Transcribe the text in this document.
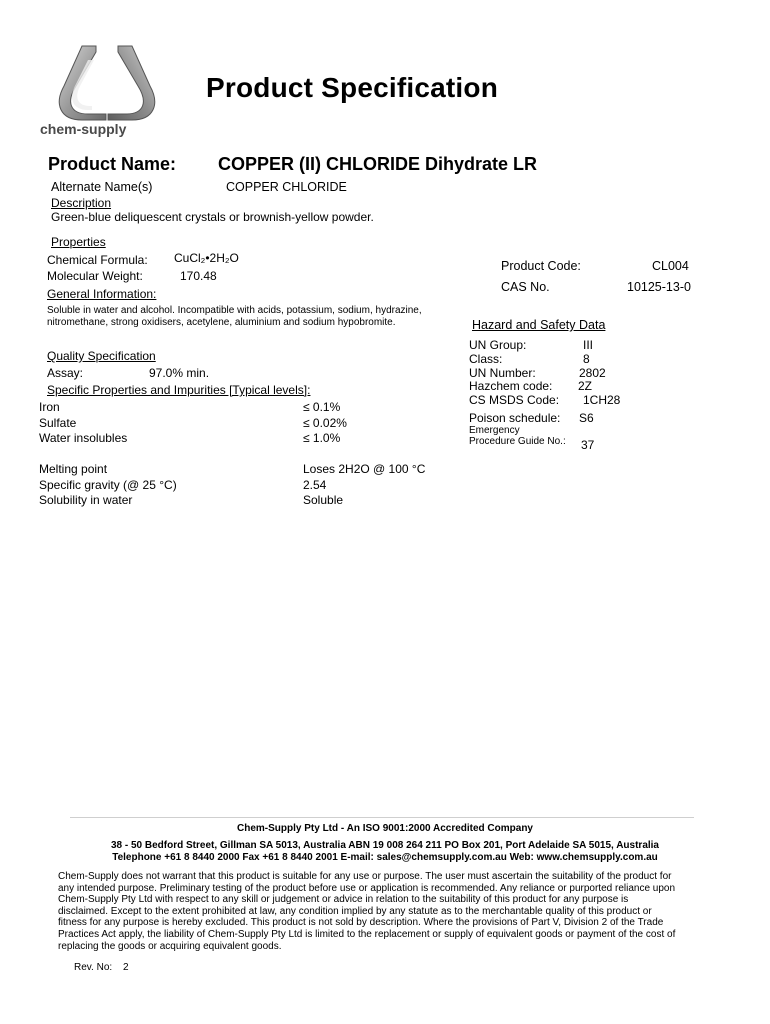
chem-supply
Product Specification
Product Name: COPPER (II) CHLORIDE Dihydrate LR
Alternate Name(s)	COPPER CHLORIDE
Description
Green-blue deliquescent crystals or brownish-yellow powder.
Properties
Chemical Formula: CuCl₂•2H₂O
Molecular Weight:	170.48
General Information:
Soluble in water and alcohol. Incompatible with acids, potassium, sodium, hydrazine, nitromethane, strong oxidisers, acetylene, aluminium and sodium hypobromite.
Product Code:	CL004
CAS No.	10125-13-0
Hazard and Safety Data
UN Group:	III
Class:	8
UN Number:	2802
Hazchem code: 2Z
CS MSDS Code: 1CH28
Poison schedule: S6
Emergency
Procedure Guide No.: 37
Quality Specification
Assay:	97.0% min.
Specific Properties and Impurities [Typical levels]:
Iron	≤ 0.1%
Sulfate	≤ 0.02%
Water insolubles	≤ 1.0%
Melting point	Loses 2H2O @ 100 °C
Specific gravity (@ 25 °C)	2.54
Solubility in water	Soluble
Chem-Supply Pty Ltd - An ISO 9001:2000 Accredited Company
38 - 50 Bedford Street, Gillman SA 5013, Australia ABN 19 008 264 211 PO Box 201, Port Adelaide SA 5015, Australia
Telephone +61 8 8440 2000 Fax +61 8 8440 2001 E-mail: sales@chemsupply.com.au Web: www.chemsupply.com.au
Chem-Supply does not warrant that this product is suitable for any use or purpose. The user must ascertain the suitability of the product for any intended purpose. Preliminary testing of the product before use or application is recommended. Any reliance or purported reliance upon Chem-Supply Pty Ltd with respect to any skill or judgement or advice in relation to the suitability of this product for any purpose is disclaimed. Except to the extent prohibited at law, any condition implied by any statute as to the merchantable quality of this product or fitness for any purpose is hereby excluded. This product is not sold by description. Where the provisions of Part V, Division 2 of the Trade Practices Act apply, the liability of Chem-Supply Pty Ltd is limited to the replacement or supply of equivalent goods or payment of the cost of replacing the goods or acquiring equivalent goods.
Rev. No: 2
